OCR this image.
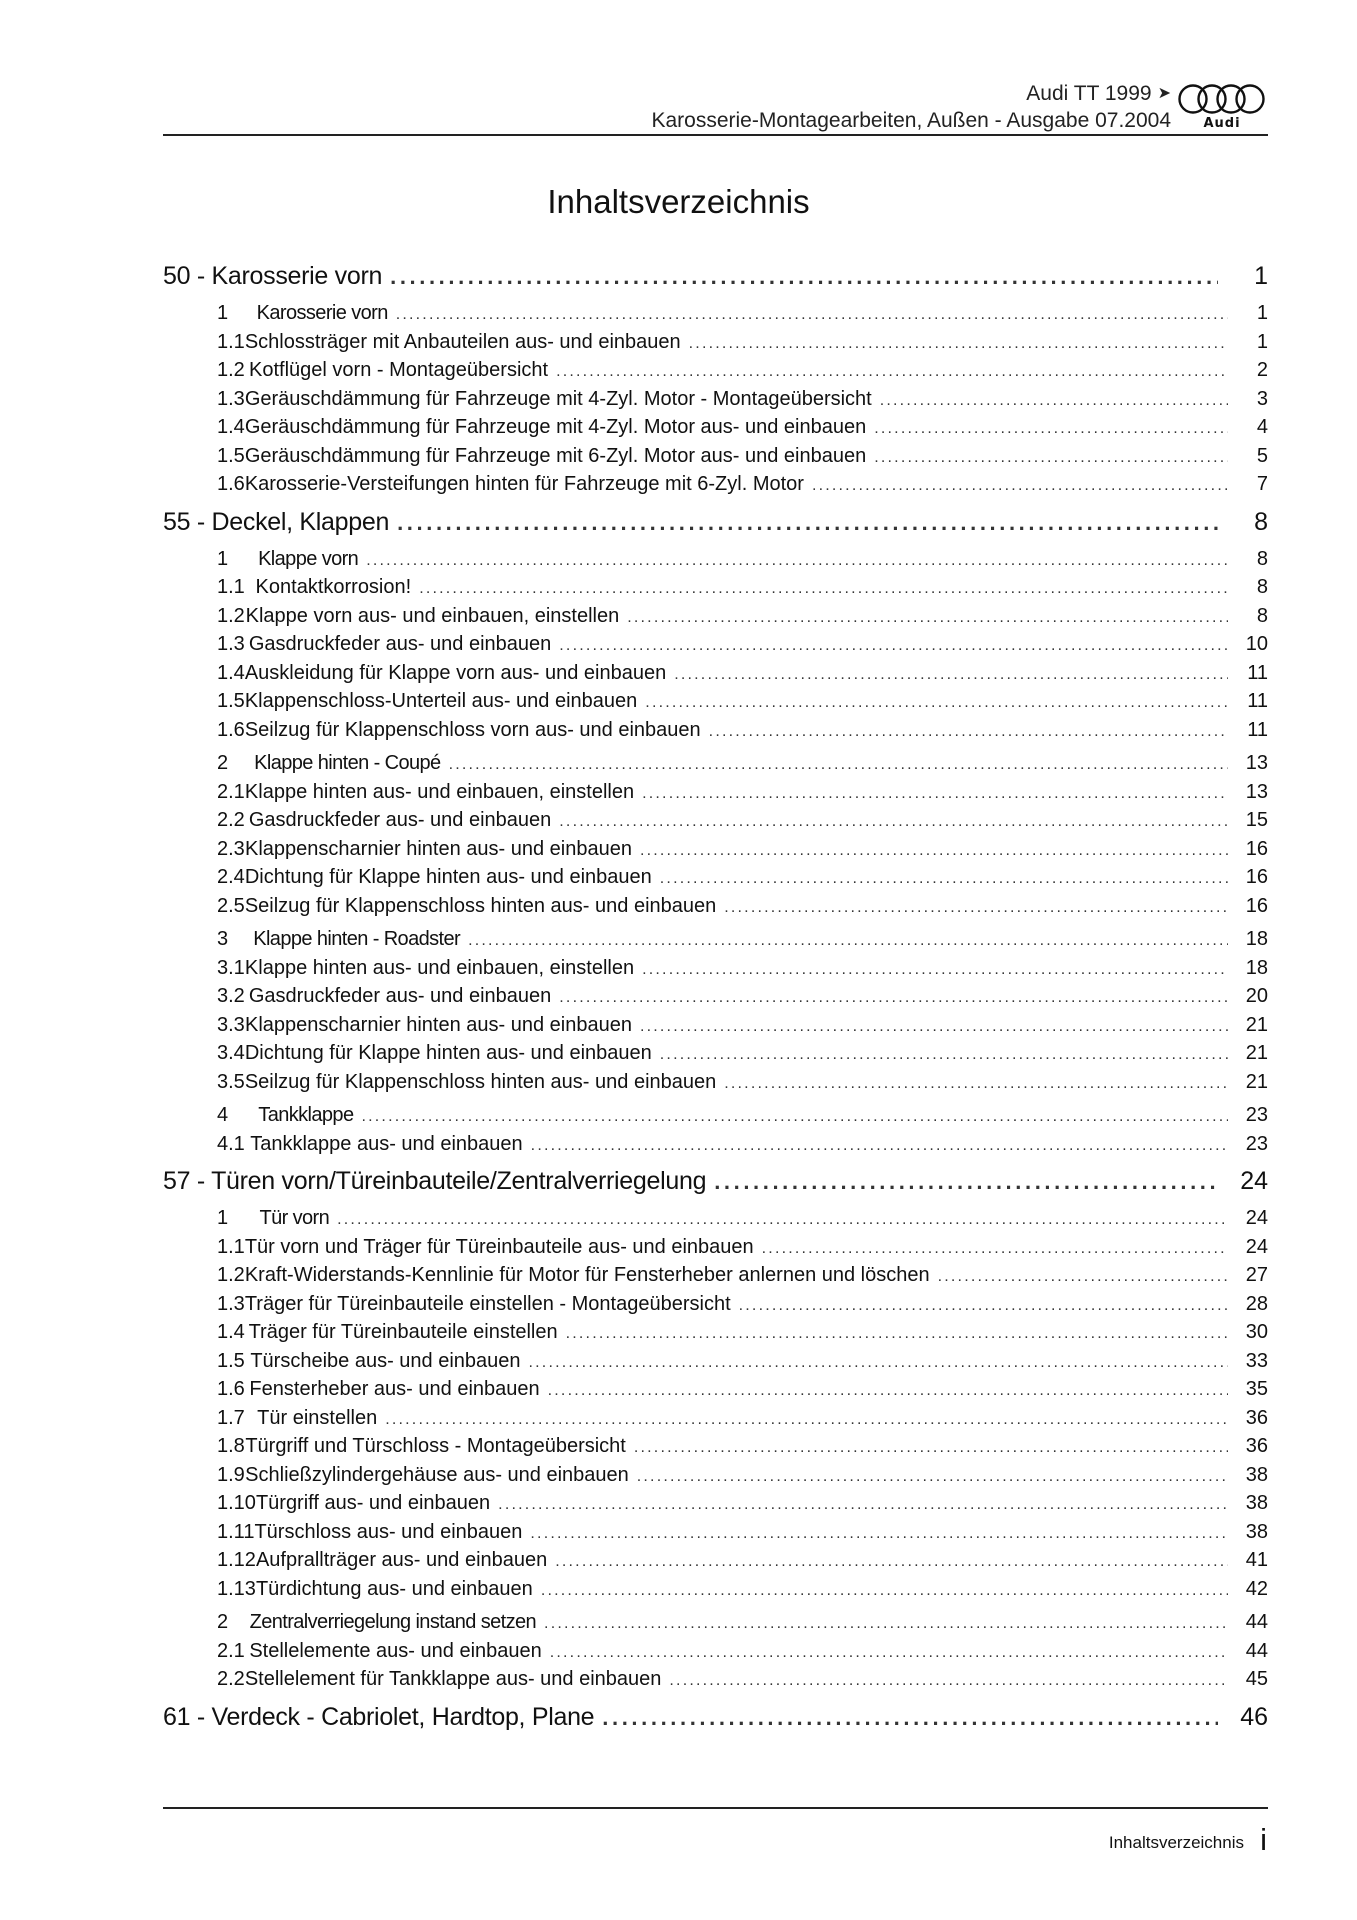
Audi TT 1999 ➤
Karosserie-Montagearbeiten, Außen - Ausgabe 07.2004	Audi
Inhaltsverzeichnis
50 - Karosserie vorn .....	1
1	Karosserie vorn .....	1
1.1 Schlossträger mit Anbauteilen aus- und einbauen .....	1
1.2 Kotflügel vorn - Montageübersicht .....	2
1.3 Geräuschdämmung für Fahrzeuge mit 4-Zyl. Motor - Montageübersicht .....	3
1.4 Geräuschdämmung für Fahrzeuge mit 4-Zyl. Motor aus- und einbauen .....	4
1.5 Geräuschdämmung für Fahrzeuge mit 6-Zyl. Motor aus- und einbauen .....	5
1.6 Karosserie-Versteifungen hinten für Fahrzeuge mit 6-Zyl. Motor .....	7
55 - Deckel, Klappen .....	8
1	Klappe vorn .....	8
1.1 Kontaktkorrosion! .....	8
1.2 Klappe vorn aus- und einbauen, einstellen .....	8
1.3 Gasdruckfeder aus- und einbauen .....	10
1.4 Auskleidung für Klappe vorn aus- und einbauen .....	11
1.5 Klappenschloss-Unterteil aus- und einbauen .....	11
1.6 Seilzug für Klappenschloss vorn aus- und einbauen .....	11
2	Klappe hinten - Coupé .....	13
2.1 Klappe hinten aus- und einbauen, einstellen .....	13
2.2 Gasdruckfeder aus- und einbauen .....	15
2.3 Klappenscharnier hinten aus- und einbauen .....	16
2.4 Dichtung für Klappe hinten aus- und einbauen .....	16
2.5 Seilzug für Klappenschloss hinten aus- und einbauen .....	16
3	Klappe hinten - Roadster .....	18
3.1 Klappe hinten aus- und einbauen, einstellen .....	18
3.2 Gasdruckfeder aus- und einbauen .....	20
3.3 Klappenscharnier hinten aus- und einbauen .....	21
3.4 Dichtung für Klappe hinten aus- und einbauen .....	21
3.5 Seilzug für Klappenschloss hinten aus- und einbauen .....	21
4	Tankklappe .....	23
4.1 Tankklappe aus- und einbauen .....	23
57 - Türen vorn/Türeinbauteile/Zentralverriegelung .....	24
1	Tür vorn .....	24
1.1 Tür vorn und Träger für Türeinbauteile aus- und einbauen .....	24
1.2 Kraft-Widerstands-Kennlinie für Motor für Fensterheber anlernen und löschen .....	27
1.3 Träger für Türeinbauteile einstellen - Montageübersicht .....	28
1.4 Träger für Türeinbauteile einstellen .....	30
1.5 Türscheibe aus- und einbauen .....	33
1.6 Fensterheber aus- und einbauen .....	35
1.7 Tür einstellen .....	36
1.8 Türgriff und Türschloss - Montageübersicht .....	36
1.9 Schließzylindergehäuse aus- und einbauen .....	38
1.10 Türgriff aus- und einbauen .....	38
1.11 Türschloss aus- und einbauen .....	38
1.12 Aufprallträger aus- und einbauen .....	41
1.13 Türdichtung aus- und einbauen .....	42
2	Zentralverriegelung instand setzen .....	44
2.1 Stellelemente aus- und einbauen .....	44
2.2 Stellelement für Tankklappe aus- und einbauen .....	45
61 - Verdeck - Cabriolet, Hardtop, Plane .....	46
Inhaltsverzeichnis i
